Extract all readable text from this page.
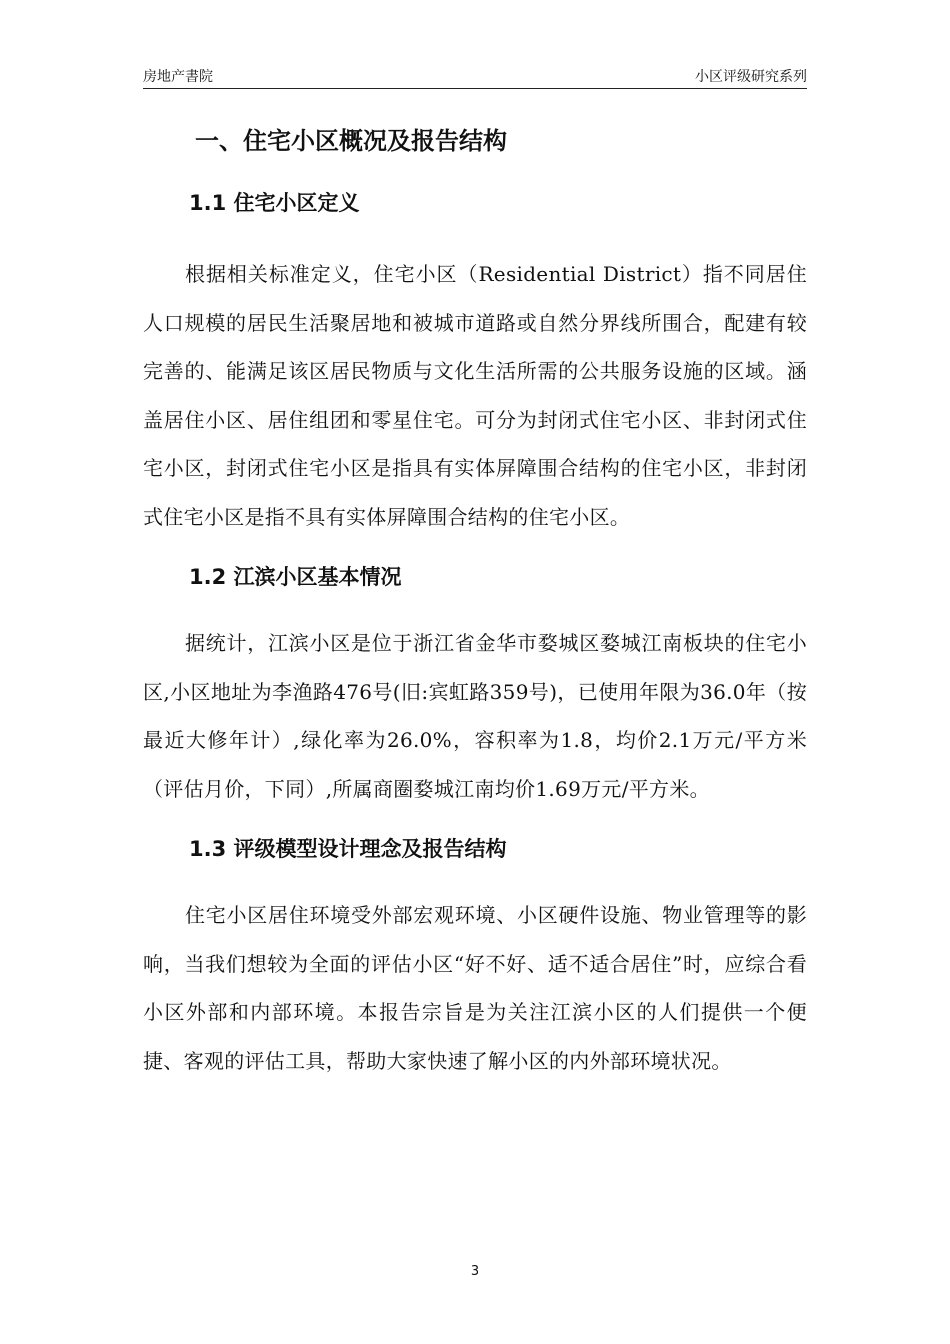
房地产書院	小区评级研究系列
一、住宅小区概况及报告结构
1.1 住宅小区定义

根据相关标准定义，住宅小区（Residential District）指不同居住人口规模的居民生活聚居地和被城市道路或自然分界线所围合，配建有较完善的、能满足该区居民物质与文化生活所需的公共服务设施的区域。涵盖居住小区、居住组团和零星住宅。可分为封闭式住宅小区、非封闭式住宅小区，封闭式住宅小区是指具有实体屏障围合结构的住宅小区，非封闭式住宅小区是指不具有实体屏障围合结构的住宅小区。

1.2 江滨小区基本情况

据统计，江滨小区是位于浙江省金华市婺城区婺城江南板块的住宅小区,小区地址为李渔路476号(旧:宾虹路359号)，已使用年限为36.0年（按最近大修年计）,绿化率为26.0%，容积率为1.8，均价2.1万元/平方米（评估月价，下同）,所属商圈婺城江南均价1.69万元/平方米。

1.3 评级模型设计理念及报告结构

住宅小区居住环境受外部宏观环境、小区硬件设施、物业管理等的影响，当我们想较为全面的评估小区“好不好、适不适合居住”时，应综合看小区外部和内部环境。本报告宗旨是为关注江滨小区的人们提供一个便捷、客观的评估工具，帮助大家快速了解小区的内外部环境状况。

3
